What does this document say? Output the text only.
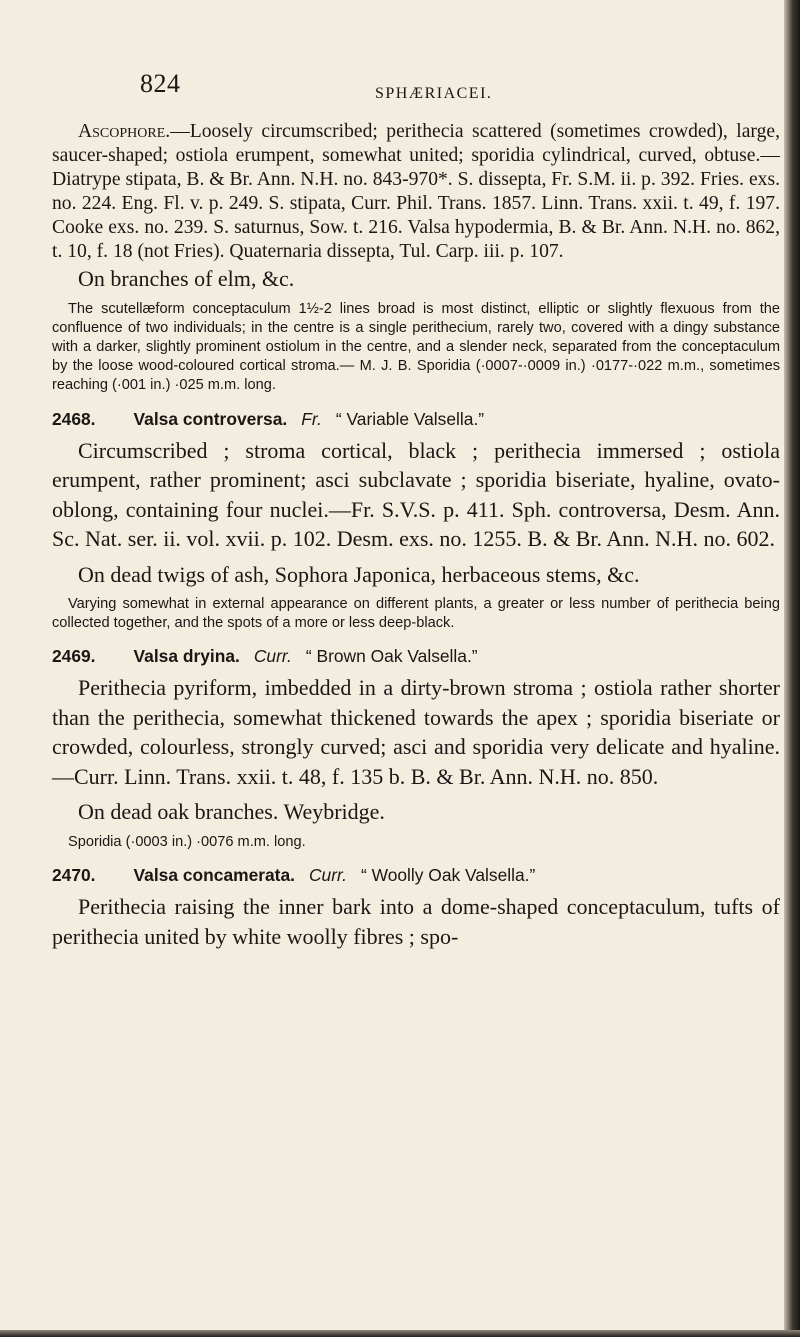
824	SPHÆRIACEI.

Ascophore.—Loosely circumscribed; perithecia scattered (sometimes crowded), large, saucer-shaped; ostiola erumpent, somewhat united; sporidia cylindrical, curved, obtuse.—Diatrype stipata, B. & Br. Ann. N.H. no. 843-970*. S. dissepta, Fr. S.M. ii. p. 392. Fries. exs. no. 224. Eng. Fl. v. p. 249. S. stipata, Curr. Phil. Trans. 1857. Linn. Trans. xxii. t. 49, f. 197. Cooke exs. no. 239. S. saturnus, Sow. t. 216. Valsa hypodermia, B. & Br. Ann. N.H. no. 862, t. 10, f. 18 (not Fries). Quaternaria dissepta, Tul. Carp. iii. p. 107.

On branches of elm, &c.

The scutellæform conceptaculum 1½-2 lines broad is most distinct, elliptic or slightly flexuous from the confluence of two individuals; in the centre is a single perithecium, rarely two, covered with a dingy substance with a darker, slightly prominent ostiolum in the centre, and a slender neck, separated from the conceptaculum by the loose wood-coloured cortical stroma.— M. J. B. Sporidia (·0007-·0009 in.) ·0177-·022 m.m., sometimes reaching (·001 in.) ·025 m.m. long.

2468. Valsa controversa. Fr. “ Variable Valsella.”

Circumscribed ; stroma cortical, black ; perithecia immersed ; ostiola erumpent, rather prominent; asci subclavate ; sporidia biseriate, hyaline, ovato-oblong, containing four nuclei.—Fr. S.V.S. p. 411. Sph. controversa, Desm. Ann. Sc. Nat. ser. ii. vol. xvii. p. 102. Desm. exs. no. 1255. B. & Br. Ann. N.H. no. 602.

On dead twigs of ash, Sophora Japonica, herbaceous stems, &c.

Varying somewhat in external appearance on different plants, a greater or less number of perithecia being collected together, and the spots of a more or less deep-black.

2469. Valsa dryina. Curr. “ Brown Oak Valsella.”

Perithecia pyriform, imbedded in a dirty-brown stroma ; ostiola rather shorter than the perithecia, somewhat thickened towards the apex ; sporidia biseriate or crowded, colourless, strongly curved; asci and sporidia very delicate and hyaline.—Curr. Linn. Trans. xxii. t. 48, f. 135 b. B. & Br. Ann. N.H. no. 850.

On dead oak branches. Weybridge.

Sporidia (·0003 in.) ·0076 m.m. long.

2470. Valsa concamerata. Curr. “ Woolly Oak Valsella.”

Perithecia raising the inner bark into a dome-shaped conceptaculum, tufts of perithecia united by white woolly fibres ; spo-
